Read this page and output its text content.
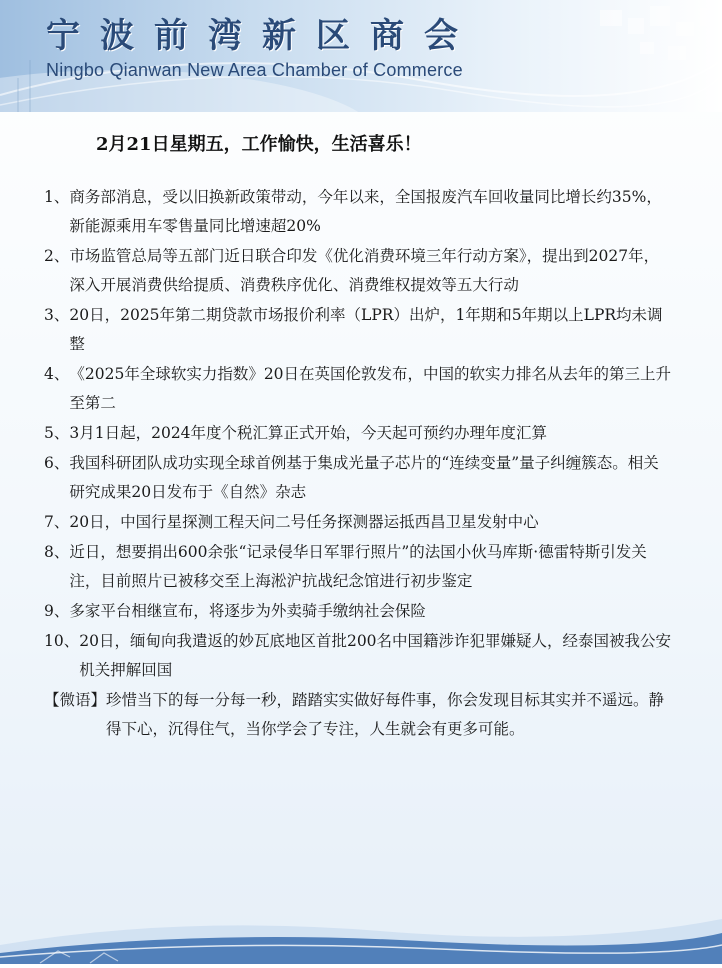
宁波前湾新区商会

Ningbo Qianwan New Area Chamber of Commerce

2月21日星期五，工作愉快，生活喜乐！

1、 商务部消息，受以旧换新政策带动，今年以来，全国报废汽车回收量同比增长约35%，新能源乘用车零售量同比增速超20%
2、 市场监管总局等五部门近日联合印发《优化消费环境三年行动方案》，提出到2027年，深入开展消费供给提质、消费秩序优化、消费维权提效等五大行动
3、 20日，2025年第二期贷款市场报价利率（LPR）出炉，1年期和5年期以上LPR均未调整
4、 《2025年全球软实力指数》20日在英国伦敦发布，中国的软实力排名从去年的第三上升至第二
5、 3月1日起，2024年度个税汇算正式开始，今天起可预约办理年度汇算
6、 我国科研团队成功实现全球首例基于集成光量子芯片的“连续变量”量子纠缠簇态。相关研究成果20日发布于《自然》杂志
7、 20日，中国行星探测工程天问二号任务探测器运抵西昌卫星发射中心
8、 近日，想要捐出600余张“记录侵华日军罪行照片”的法国小伙马库斯·德雷特斯引发关注，目前照片已被移交至上海淞沪抗战纪念馆进行初步鉴定
9、 多家平台相继宣布，将逐步为外卖骑手缴纳社会保险
10、 20日，缅甸向我遣返的妙瓦底地区首批200名中国籍涉诈犯罪嫌疑人，经泰国被我公安机关押解回国
【微语】 珍惜当下的每一分每一秒，踏踏实实做好每件事，你会发现目标其实并不遥远。静得下心，沉得住气，当你学会了专注，人生就会有更多可能。
